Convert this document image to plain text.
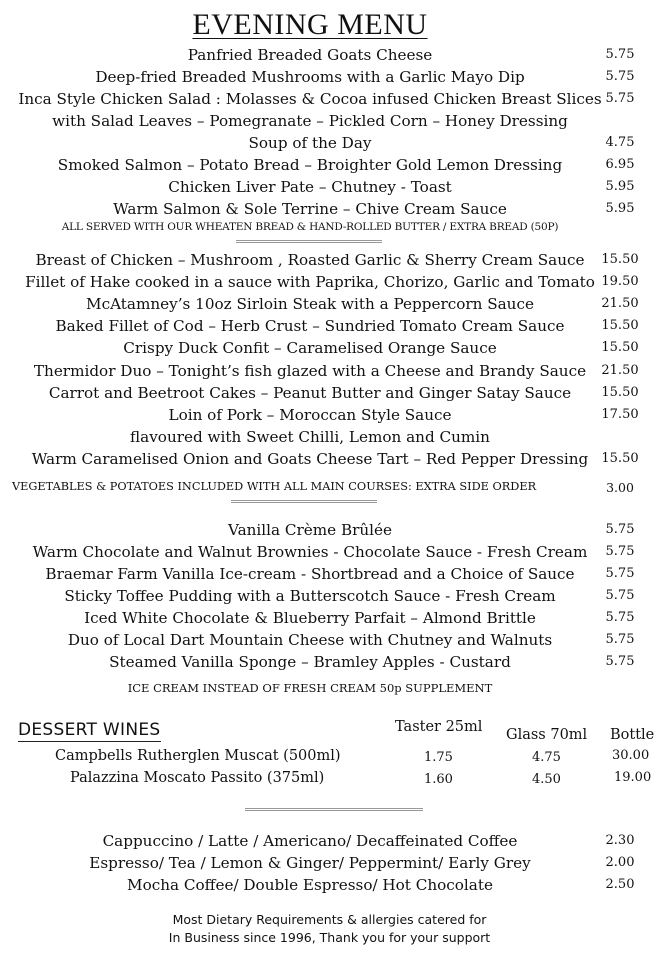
EVENING MENU
Panfried Breaded Goats Cheese	5.75
Deep-fried Breaded Mushrooms with a Garlic Mayo Dip	5.75
Inca Style Chicken Salad : Molasses & Cocoa infused Chicken Breast Slices 5.75
with Salad Leaves – Pomegranate – Pickled Corn – Honey Dressing
Soup of the Day	4.75
Smoked Salmon – Potato Bread – Broighter Gold Lemon Dressing	6.95
Chicken Liver Pate – Chutney - Toast	5.95
Warm Salmon & Sole Terrine – Chive Cream Sauce	5.95
ALL SERVED WITH OUR WHEATEN BREAD & HAND-ROLLED BUTTER / EXTRA BREAD (50P)
Breast of Chicken – Mushroom , Roasted Garlic & Sherry Cream Sauce	15.50
Fillet of Hake cooked in a sauce with Paprika, Chorizo, Garlic and Tomato 19.50
McAtamney’s 10oz Sirloin Steak with a Peppercorn Sauce	21.50
Baked Fillet of Cod – Herb Crust – Sundried Tomato Cream Sauce	15.50
Crispy Duck Confit – Caramelised Orange Sauce	15.50
Thermidor Duo – Tonight’s fish glazed with a Cheese and Brandy Sauce	21.50
Carrot and Beetroot Cakes – Peanut Butter and Ginger Satay Sauce	15.50
Loin of Pork – Moroccan Style Sauce	17.50
flavoured with Sweet Chilli, Lemon and Cumin
Warm Caramelised Onion and Goats Cheese Tart – Red Pepper Dressing	15.50
VEGETABLES & POTATOES INCLUDED WITH ALL MAIN COURSES: EXTRA SIDE ORDER	3.00
Vanilla Crème Brûlée	5.75
Warm Chocolate and Walnut Brownies - Chocolate Sauce - Fresh Cream	5.75
Braemar Farm Vanilla Ice-cream - Shortbread and a Choice of Sauce	5.75
Sticky Toffee Pudding with a Butterscotch Sauce - Fresh Cream	5.75
Iced White Chocolate & Blueberry Parfait – Almond Brittle	5.75
Duo of Local Dart Mountain Cheese with Chutney and Walnuts	5.75
Steamed Vanilla Sponge – Bramley Apples - Custard	5.75
ICE CREAM INSTEAD OF FRESH CREAM 50p SUPPLEMENT
DESSERT WINES	Taster 25ml Glass 70ml Bottle
Campbells Rutherglen Muscat (500ml)	1.75	4.75	30.00
Palazzina Moscato Passito (375ml)	1.60	4.50	19.00
Cappuccino / Latte / Americano/ Decaffeinated Coffee	2.30
Espresso/ Tea / Lemon & Ginger/ Peppermint/ Early Grey	2.00
Mocha Coffee/ Double Espresso/ Hot Chocolate	2.50
Most Dietary Requirements & allergies catered for
In Business since 1996, Thank you for your support
